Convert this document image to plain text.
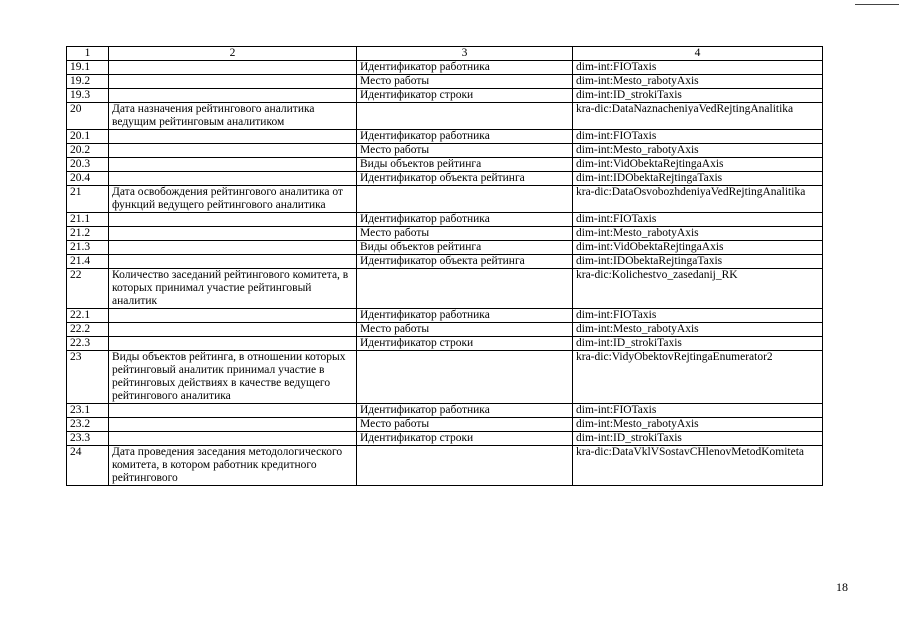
1	2	3	4
19.1		Идентификатор работника	dim-int:FIOTaxis
19.2		Место работы	dim-int:Mesto_rabotyAxis
19.3		Идентификатор строки	dim-int:ID_strokiTaxis
20	Дата назначения рейтингового аналитика ведущим рейтинговым аналитиком		kra-dic:DataNaznacheniyaVedRejtingAnalitika
20.1		Идентификатор работника	dim-int:FIOTaxis
20.2		Место работы	dim-int:Mesto_rabotyAxis
20.3		Виды объектов рейтинга	dim-int:VidObektaRejtingaAxis
20.4		Идентификатор объекта рейтинга	dim-int:IDObektaRejtingaTaxis
21	Дата освобождения рейтингового аналитика от функций ведущего рейтингового аналитика		kra-dic:DataOsvobozhdeniyaVedRejtingAnalitika
21.1		Идентификатор работника	dim-int:FIOTaxis
21.2		Место работы	dim-int:Mesto_rabotyAxis
21.3		Виды объектов рейтинга	dim-int:VidObektaRejtingaAxis
21.4		Идентификатор объекта рейтинга	dim-int:IDObektaRejtingaTaxis
22	Количество заседаний рейтингового комитета, в которых принимал участие рейтинговый аналитик		kra-dic:Kolichestvo_zasedanij_RK
22.1		Идентификатор работника	dim-int:FIOTaxis
22.2		Место работы	dim-int:Mesto_rabotyAxis
22.3		Идентификатор строки	dim-int:ID_strokiTaxis
23	Виды объектов рейтинга, в отношении которых рейтинговый аналитик принимал участие в рейтинговых действиях в качестве ведущего рейтингового аналитика		kra-dic:VidyObektovRejtingaEnumerator2
23.1		Идентификатор работника	dim-int:FIOTaxis
23.2		Место работы	dim-int:Mesto_rabotyAxis
23.3		Идентификатор строки	dim-int:ID_strokiTaxis
24	Дата проведения заседания методологического комитета, в котором работник кредитного рейтингового		kra-dic:DataVklVSostavCHlenovMetodKomiteta
18
